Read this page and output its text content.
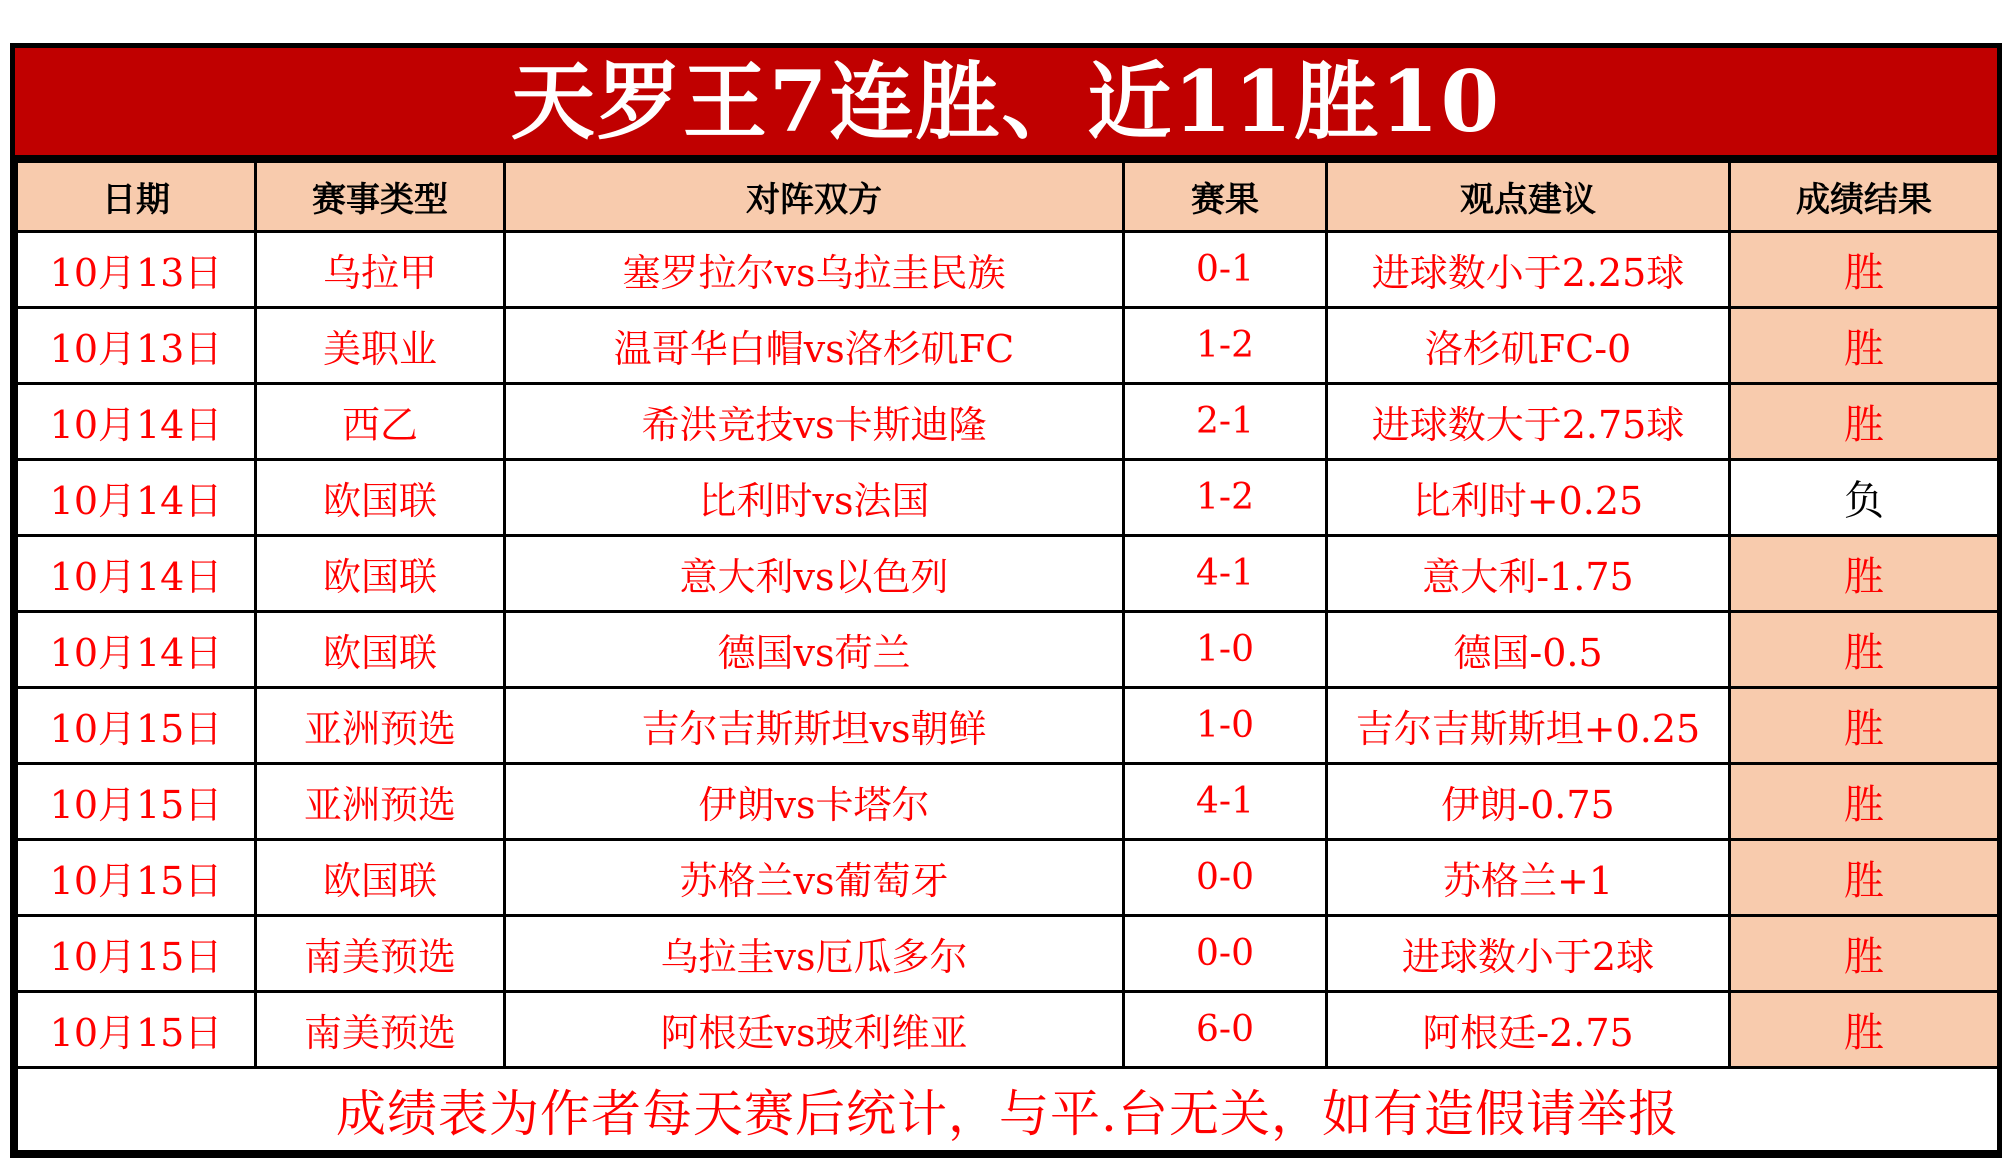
天罗王7连胜、近11胜10
日期	赛事类型	对阵双方	赛果	观点建议	成绩结果
10月13日	乌拉甲	塞罗拉尔vs乌拉圭民族	0-1	进球数小于2.25球	胜
10月13日	美职业	温哥华白帽vs洛杉矶FC	1-2	洛杉矶FC-0	胜
10月14日	西乙	希洪竞技vs卡斯迪隆	2-1	进球数大于2.75球	胜
10月14日	欧国联	比利时vs法国	1-2	比利时+0.25	负
10月14日	欧国联	意大利vs以色列	4-1	意大利-1.75	胜
10月14日	欧国联	德国vs荷兰	1-0	德国-0.5	胜
10月15日	亚洲预选	吉尔吉斯斯坦vs朝鲜	1-0	吉尔吉斯斯坦+0.25	胜
10月15日	亚洲预选	伊朗vs卡塔尔	4-1	伊朗-0.75	胜
10月15日	欧国联	苏格兰vs葡萄牙	0-0	苏格兰+1	胜
10月15日	南美预选	乌拉圭vs厄瓜多尔	0-0	进球数小于2球	胜
10月15日	南美预选	阿根廷vs玻利维亚	6-0	阿根廷-2.75	胜
成绩表为作者每天赛后统计，与平.台无关，如有造假请举报					
